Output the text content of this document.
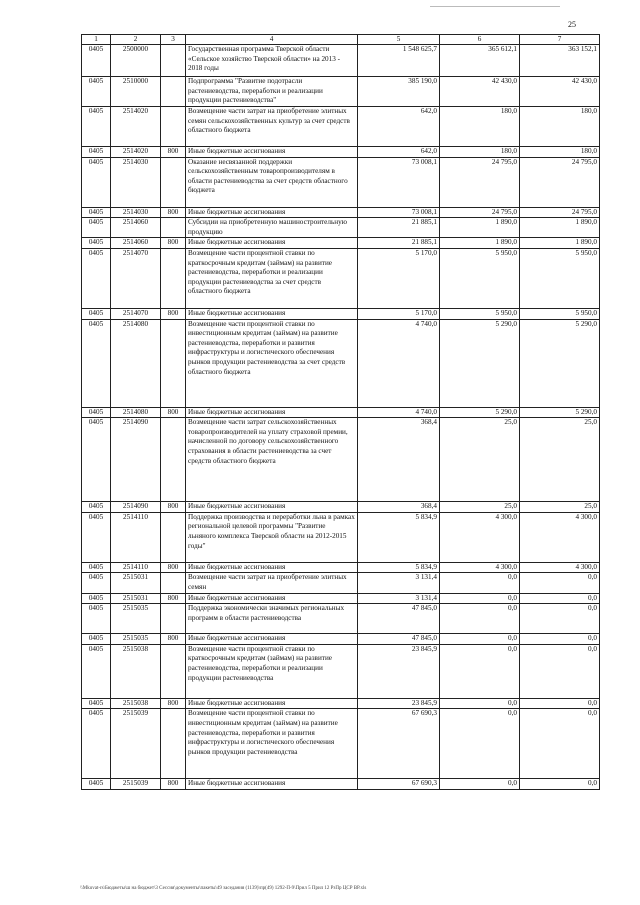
25
1	2	3	4	5	6	7
0405	2500000		Государственная программа Тверской области «Сельское хозяйство Тверской области» на 2013 - 2018 годы	1 548 625,7	365 612,1	363 152,1
0405	2510000		Подпрограмма "Развитие подотрасли растениеводства, переработки и реализации продукции растениеводства"	385 190,0	42 430,0	42 430,0
0405	2514020		Возмещение части затрат на приобретение элитных семян сельскохозяйственных культур за счет средств областного бюджета	642,0	180,0	180,0
0405	2514020	800	Иные бюджетные ассигнования	642,0	180,0	180,0
0405	2514030		Оказание несвязанной поддержки сельскохозяйственным товаропроизводителям в области растениеводства за счет средств областного бюджета	73 008,1	24 795,0	24 795,0
0405	2514030	800	Иные бюджетные ассигнования	73 008,1	24 795,0	24 795,0
0405	2514060		Субсидии на приобретенную машиностроительную продукцию	21 885,1	1 890,0	1 890,0
0405	2514060	800	Иные бюджетные ассигнования	21 885,1	1 890,0	1 890,0
0405	2514070		Возмещение части процентной ставки по краткосрочным кредитам (займам) на развитие растениеводства, переработки и реализации продукции растениеводства за счет средств областного бюджета	5 170,0	5 950,0	5 950,0
0405	2514070	800	Иные бюджетные ассигнования	5 170,0	5 950,0	5 950,0
0405	2514080		Возмещение части процентной ставки по инвестиционным кредитам (займам) на развитие растениеводства, переработки и развития инфраструктуры и логистического обеспечения рынков продукции растениеводства за счет средств областного бюджета	4 740,0	5 290,0	5 290,0
0405	2514080	800	Иные бюджетные ассигнования	4 740,0	5 290,0	5 290,0
0405	2514090		Возмещение части затрат сельскохозяйственных товаропроизводителей на уплату страховой премии, начисленной по договору сельскохозяйственного страхования в области растениеводства за счет средств областного бюджета	368,4	25,0	25,0
0405	2514090	800	Иные бюджетные ассигнования	368,4	25,0	25,0
0405	2514110		Поддержка производства и переработки льна в рамках региональной целевой программы "Развитие льняного комплекса Тверской области на 2012-2015 годы"	5 834,9	4 300,0	4 300,0
0405	2514110	800	Иные бюджетные ассигнования	5 834,9	4 300,0	4 300,0
0405	2515031		Возмещение части затрат на приобретение элитных семян	3 131,4	0,0	0,0
0405	2515031	800	Иные бюджетные ассигнования	3 131,4	0,0	0,0
0405	2515035		Поддержка экономически значимых региональных программ в области растениеводства	47 845,0	0,0	0,0
0405	2515035	800	Иные бюджетные ассигнования	47 845,0	0,0	0,0
0405	2515038		Возмещение части процентной ставки по краткосрочным кредитам (займам) на развитие растениеводства, переработки и реализации продукции растениеводства	23 845,9	0,0	0,0
0405	2515038	800	Иные бюджетные ассигнования	23 845,9	0,0	0,0
0405	2515039		Возмещение части процентной ставки по инвестиционным кредитам (займам) на развитие растениеводства, переработки и развития инфраструктуры и логистического обеспечения рынков продукции растениеводства	67 690,3	0,0	0,0
0405	2515039	800	Иные бюджетные ассигнования	67 690,3	0,0	0,0
\\Mkuvat-rs\Бюджеты\ш на бюджет\3 Сессия\документы\пакеты\49 заседания (1139)\пр(49) 1292-П-9\Прил 5 Прил 12 РзПр ЦСР ВР.xls
